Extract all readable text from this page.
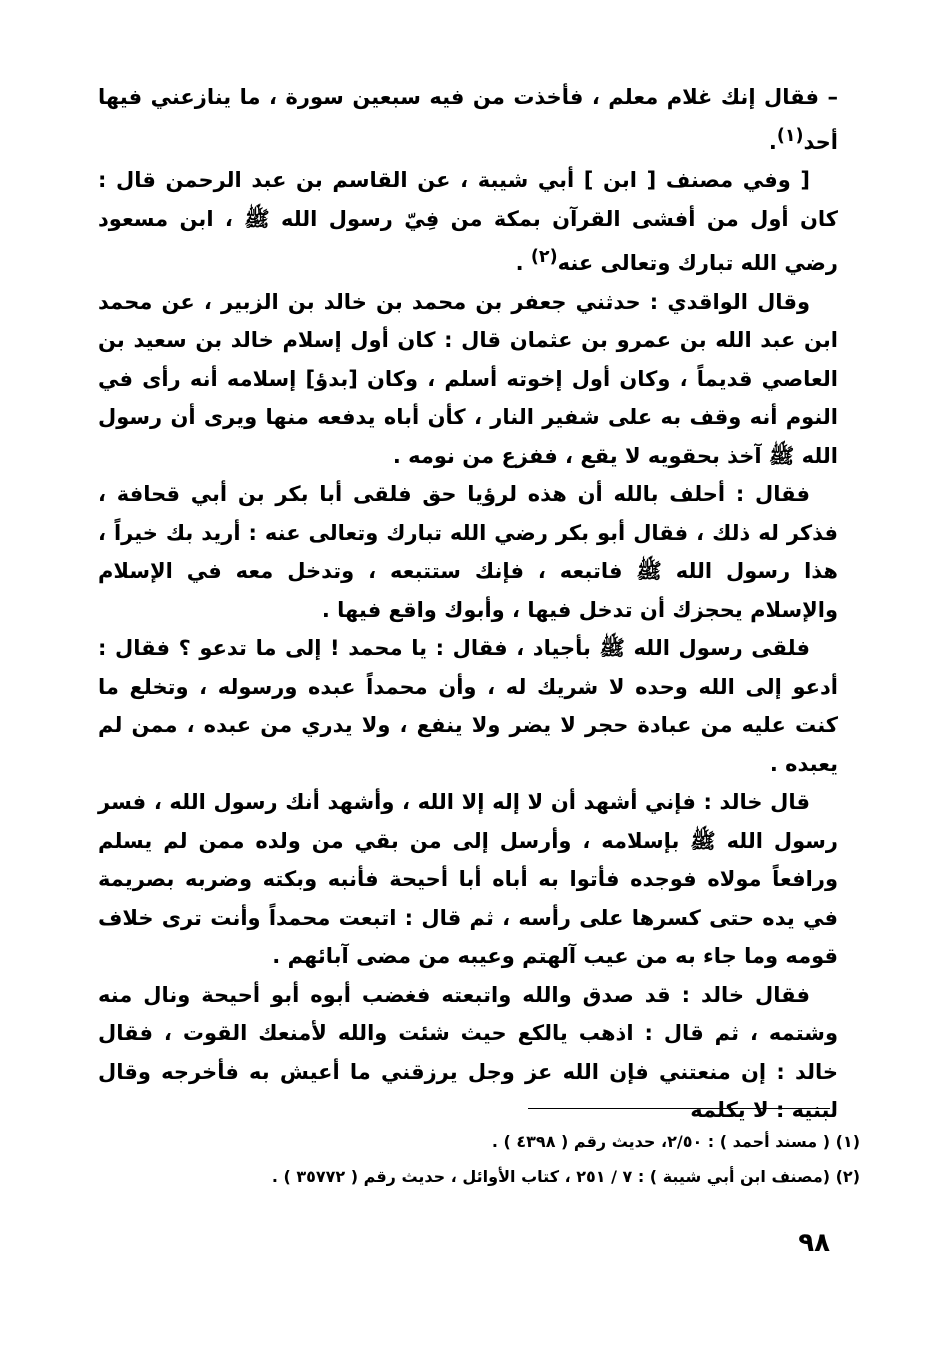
– فقال إنك غلام معلم ، فأخذت من فيه سبعين سورة ، ما ينازعني فيها أحد$^{(١)}$.

[ وفي مصنف [ ابن ] أبي شيبة ، عن القاسم بن عبد الرحمن قال : كان أول من أفشى القرآن بمكة من فِيّ رسول الله ﷺ ، ابن مسعود رضي الله تبارك وتعالى عنه$^{(٢)}$ .

وقال الواقدي : حدثني جعفر بن محمد بن خالد بن الزبير ، عن محمد ابن عبد الله بن عمرو بن عثمان قال : كان أول إسلام خالد بن سعيد بن العاصي قديماً ، وكان أول إخوته أسلم ، وكان [بدؤ] إسلامه أنه رأى في النوم أنه وقف به على شفير النار ، كأن أباه يدفعه منها ويرى أن رسول الله ﷺ آخذ بحقويه لا يقع ، ففزع من نومه .

فقال : أحلف بالله أن هذه لرؤيا حق فلقى أبا بكر بن أبي قحافة ، فذكر له ذلك ، فقال أبو بكر رضي الله تبارك وتعالى عنه : أريد بك خيراً ، هذا رسول الله ﷺ فاتبعه ، فإنك ستتبعه ، وتدخل معه في الإسلام والإسلام يحجزك أن تدخل فيها ، وأبوك واقع فيها .

فلقى رسول الله ﷺ بأجياد ، فقال : يا محمد ! إلى ما تدعو ؟ فقال : أدعو إلى الله وحده لا شريك له ، وأن محمداً عبده ورسوله ، وتخلع ما كنت عليه من عبادة حجر لا يضر ولا ينفع ، ولا يدري من عبده ، ممن لم يعبده .

قال خالد : فإني أشهد أن لا إله إلا الله ، وأشهد أنك رسول الله ، فسر رسول الله ﷺ بإسلامه ، وأرسل إلى من بقي من ولده ممن لم يسلم ورافعاً مولاه فوجده فأتوا به أباه أبا أحيحة فأنبه وبكته وضربه بصريمة في يده حتى كسرها على رأسه ، ثم قال : اتبعت محمداً وأنت ترى خلاف قومه وما جاء به من عيب آلهتم وعيبه من مضى آبائهم .

فقال خالد : قد صدق والله واتبعته فغضب أبوه أبو أحيحة ونال منه وشتمه ، ثم قال : اذهب يالكع حيث شئت والله لأمنعك القوت ، فقال خالد : إن منعتني فإن الله عز وجل يرزقني ما أعيش به فأخرجه وقال لبنيه : لا يكلمه

(١) ( مسند أحمد ) : ٢/٥٠، حديث رقم ( ٤٣٩٨ ) .

(٢) (مصنف ابن أبي شيبة ) : ٧ / ٢٥١ ، كتاب الأوائل ، حديث رقم ( ٣٥٧٧٢ ) .

٩٨
